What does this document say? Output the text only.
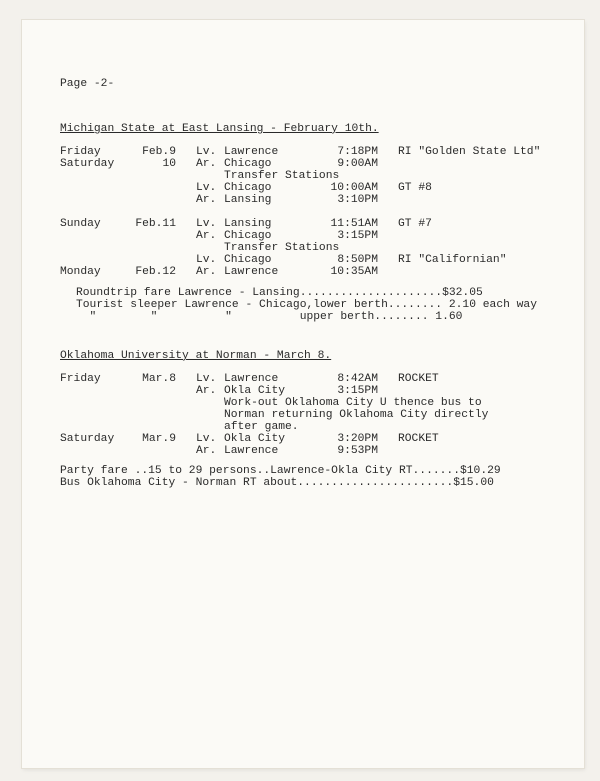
Page -2-
Michigan State at East Lansing - February 10th.
Friday	Feb.9 Lv. Lawrence	7:18PM RI "Golden State Ltd"
Saturday	10 Ar. Chicago	9:00AM
Transfer Stations
Lv. Chicago	10:00AM GT #8
Ar. Lansing	3:10PM
Sunday	Feb.11 Lv. Lansing	11:51AM GT #7
Ar. Chicago	3:15PM
Transfer Stations
Lv. Chicago	8:50PM RI "Californian"
Monday	Feb.12 Ar. Lawrence	10:35AM
Roundtrip fare Lawrence - Lansing.....................$32.05
Tourist sleeper Lawrence - Chicago,lower berth........ 2.10 each way
"        "          "          upper berth........ 1.60
Oklahoma University at Norman - March 8.
Friday	Mar.8 Lv. Lawrence	8:42AM ROCKET
Ar. Okla City	3:15PM
Work-out Oklahoma City U thence bus to
Norman returning Oklahoma City directly
after game.
Saturday Mar.9 Lv. Okla City	3:20PM ROCKET
Ar. Lawrence	9:53PM
Party fare ..15 to 29 persons..Lawrence-Okla City RT.......$10.29
Bus Oklahoma City - Norman RT about.......................$15.00
